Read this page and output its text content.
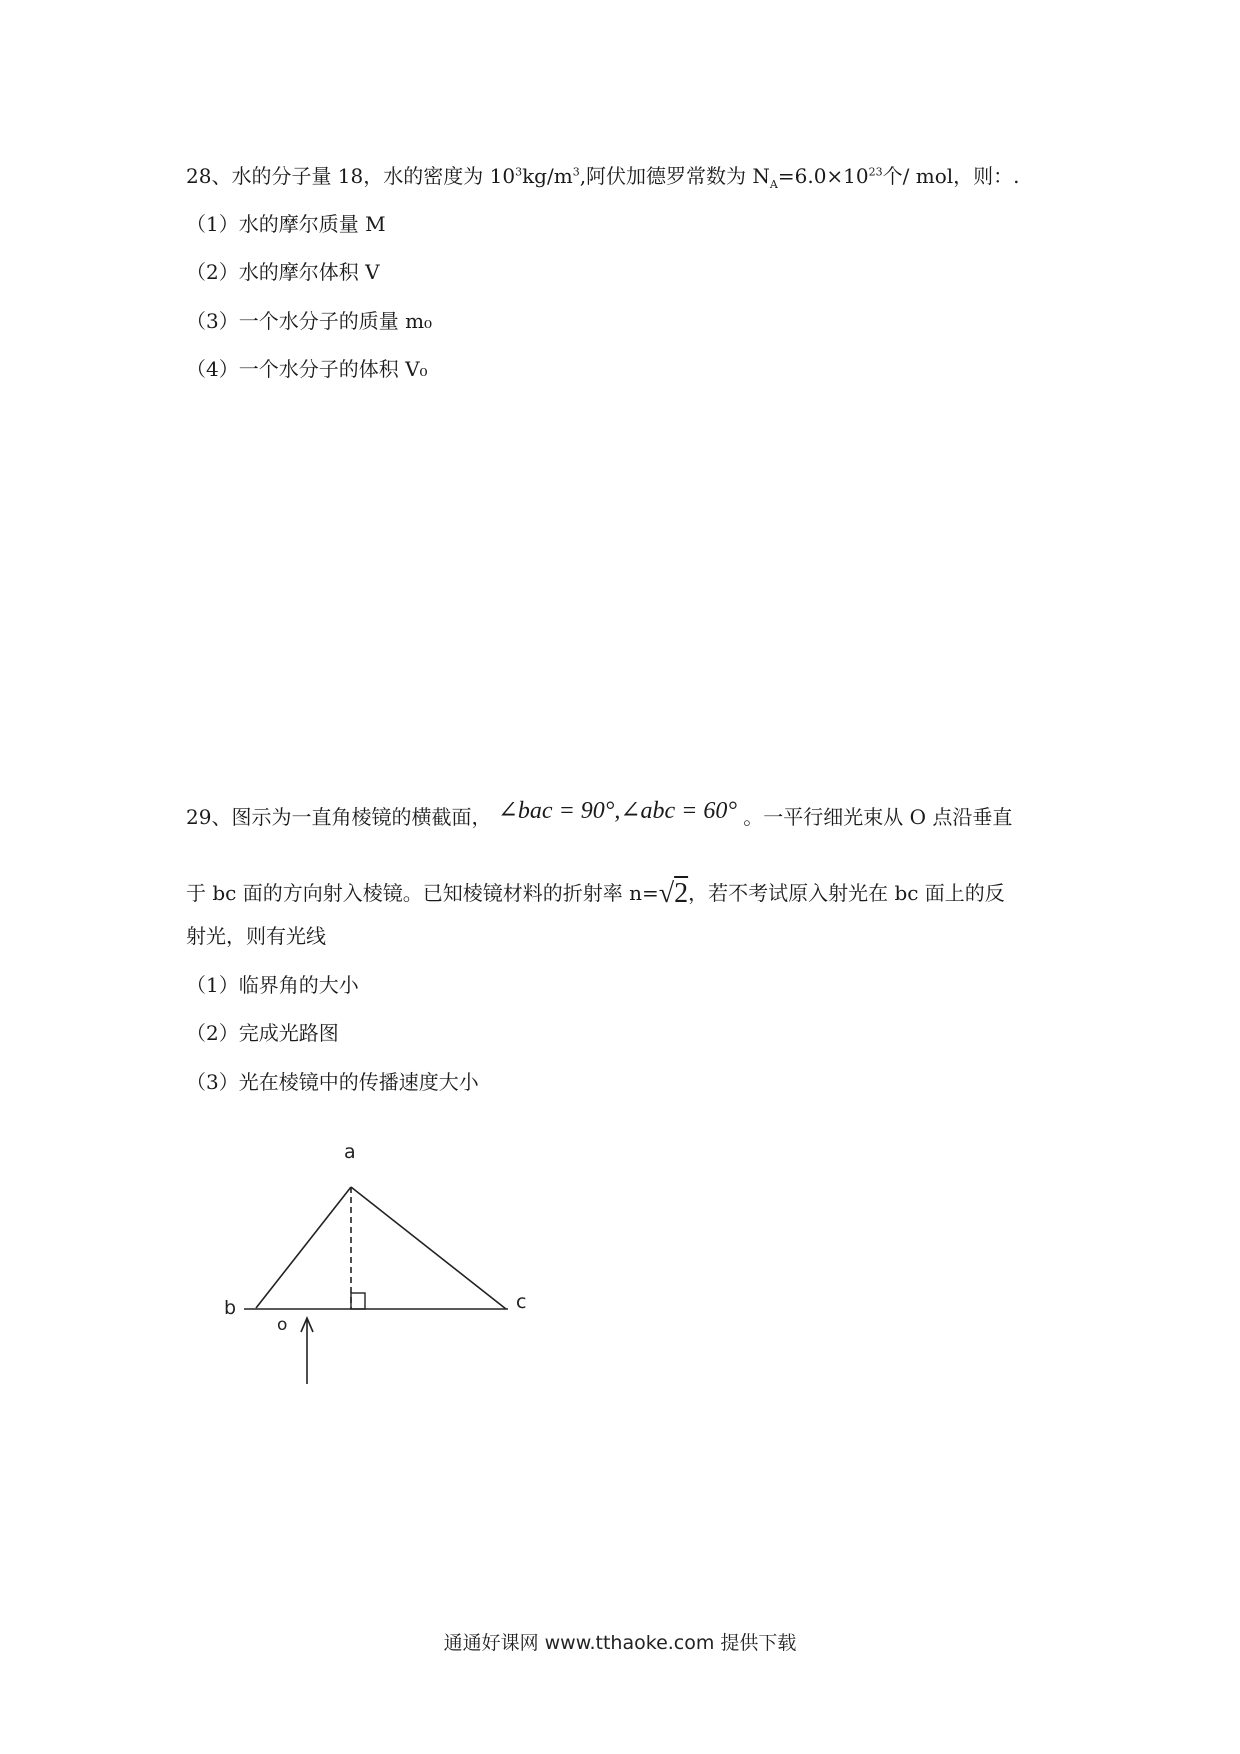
28、水的分子量 18，水的密度为 $10^3kg/m^3$,阿伏加德罗常数为 $N_A=6.0\times 10^{23}$个/ mol，则：.
（1）水的摩尔质量 M
（2）水的摩尔体积 V
（3）一个水分子的质量 m₀
（4）一个水分子的体积 V₀
29、图示为一直角棱镜的横截面， ∠bac = 90°,∠abc = 60° 。一平行细光束从 O 点沿垂直
于 bc 面的方向射入棱镜。已知棱镜材料的折射率 n=√2，若不考试原入射光在 bc 面上的反
射光，则有光线
（1）临界角的大小
（2）完成光路图
（3）光在棱镜中的传播速度大小
a
b	c
o
通通好课网 www.tthaoke.com 提供下载
